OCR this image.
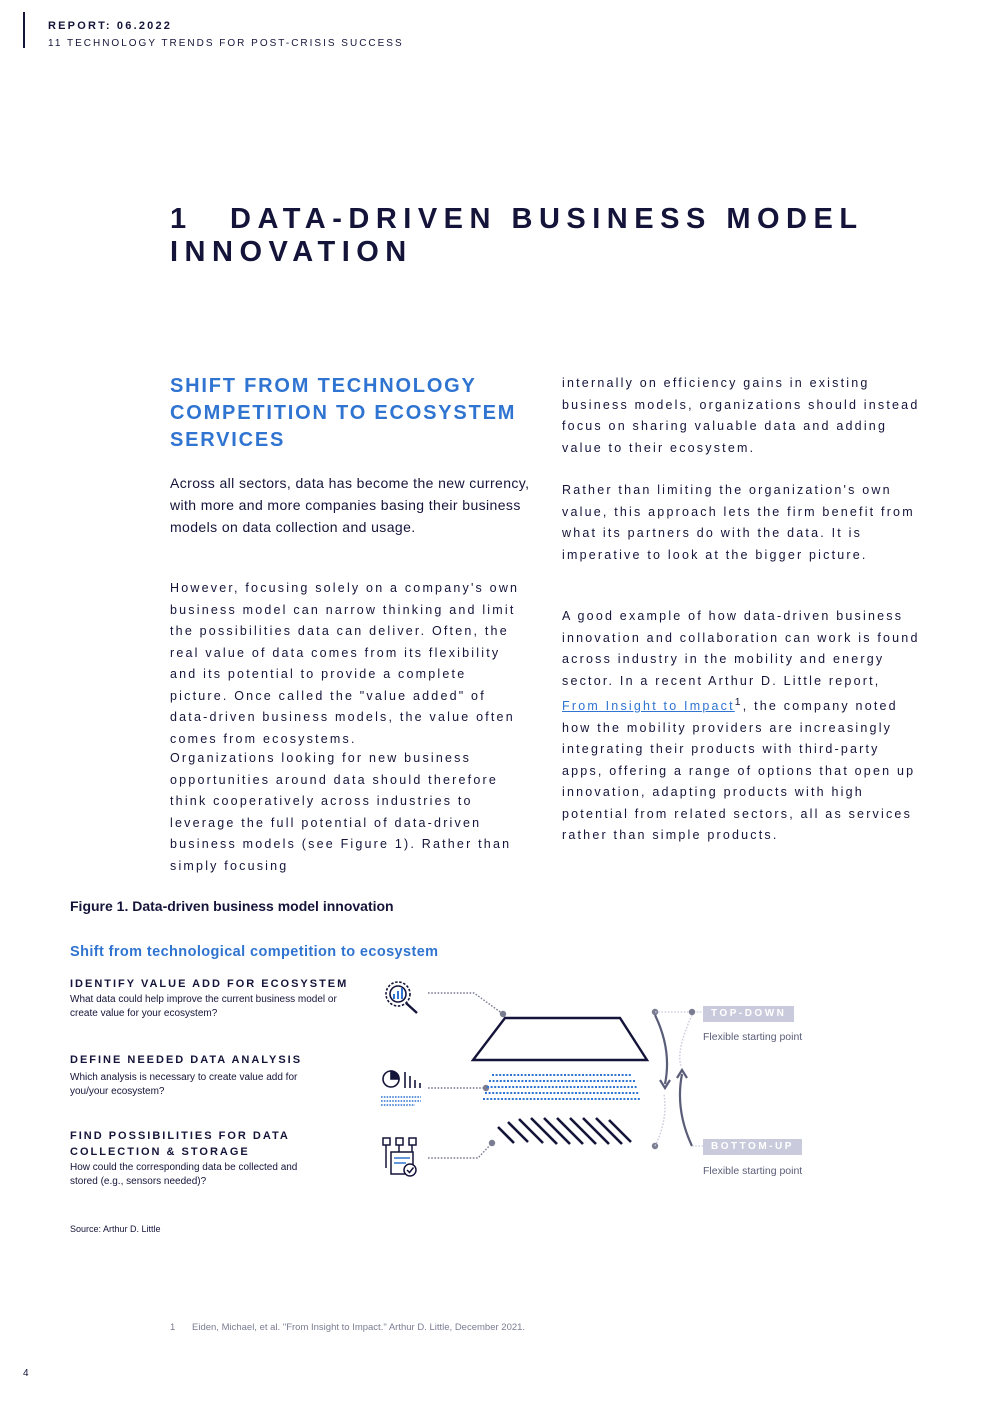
REPORT: 06.2022
11 TECHNOLOGY TRENDS FOR POST-CRISIS SUCCESS
1 DATA-DRIVEN BUSINESS MODEL INNOVATION
SHIFT FROM TECHNOLOGY COMPETITION TO ECOSYSTEM SERVICES

Across all sectors, data has become the new currency, with more and more companies basing their business models on data collection and usage.

However, focusing solely on a company's own business model can narrow thinking and limit the possibilities data can deliver. Often, the real value of data comes from its flexibility and its potential to provide a complete picture. Once called the "value added" of data-driven business models, the value often comes from ecosystems.

Organizations looking for new business opportunities around data should therefore think cooperatively across industries to leverage the full potential of data-driven business models (see Figure 1). Rather than simply focusing

internally on efficiency gains in existing business models, organizations should instead focus on sharing valuable data and adding value to their ecosystem.

Rather than limiting the organization's own value, this approach lets the firm benefit from what its partners do with the data. It is imperative to look at the bigger picture.

A good example of how data-driven business innovation and collaboration can work is found across industry in the mobility and energy sector. In a recent Arthur D. Little report, From Insight to Impact$^1$, the company noted how the mobility providers are increasingly integrating their products with third-party apps, offering a range of options that open up innovation, adapting products with high potential from related sectors, all as services rather than simple products.

Figure 1. Data-driven business model innovation
Shift from technological competition to ecosystem

IDENTIFY VALUE ADD FOR ECOSYSTEM

What data could help improve the current business model or create value for your ecosystem?

DEFINE NEEDED DATA ANALYSIS

Which analysis is necessary to create value add for you/your ecosystem?

FIND POSSIBILITIES FOR DATA COLLECTION & STORAGE

How could the corresponding data be collected and stored (e.g., sensors needed)?

TOP-DOWN
Flexible starting point
BOTTOM-UP
Flexible starting point
Source: Arthur D. Little
1 Eiden, Michael, et al. "From Insight to Impact." Arthur D. Little, December 2021.
4
